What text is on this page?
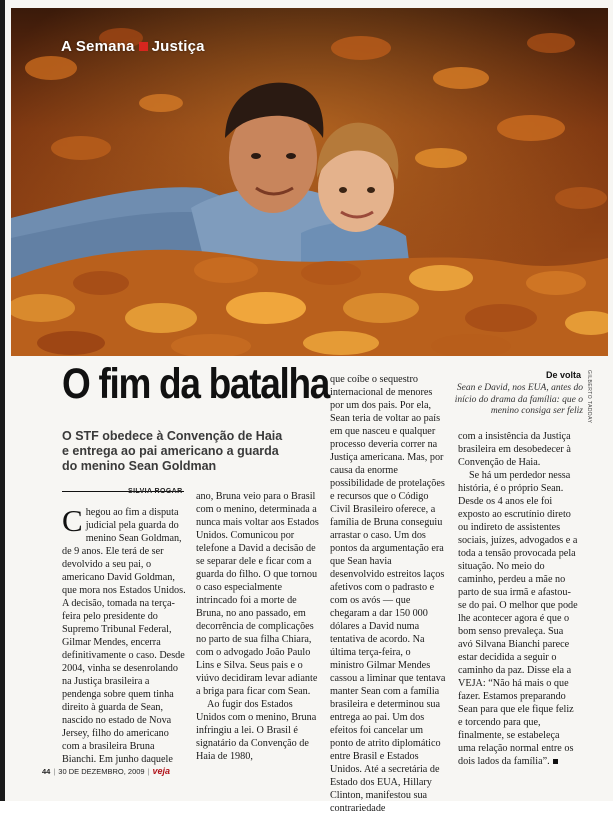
A Semana Justiça
GILBERTO TADDAY
O fim da batalha
O STF obedece à Convenção de Haia e entrega ao pai americano a guarda do menino Sean Goldman
SILVIA ROGAR

Chegou ao fim a disputa judicial pela guarda do menino Sean Goldman, de 9 anos. Ele terá de ser devolvido a seu pai, o americano David Goldman, que mora nos Estados Unidos. A decisão, tomada na terça-feira pelo presidente do Supremo Tribunal Federal, Gilmar Mendes, encerra definitivamente o caso. Desde 2004, vinha se desenrolando na Justiça brasileira a pendenga sobre quem tinha direito à guarda de Sean, nascido no estado de Nova Jersey, filho do americano com a brasileira Bruna Bianchi. Em junho daquele

ano, Bruna veio para o Brasil com o menino, determinada a nunca mais voltar aos Estados Unidos. Comunicou por telefone a David a decisão de se separar dele e ficar com a guarda do filho. O que tornou o caso especialmente intrincado foi a morte de Bruna, no ano passado, em decorrência de complicações no parto de sua filha Chiara, com o advogado João Paulo Lins e Silva. Seus pais e o viúvo decidiram levar adiante a briga para ficar com Sean.

Ao fugir dos Estados Unidos com o menino, Bruna infringiu a lei. O Brasil é signatário da Convenção de Haia de 1980,

que coíbe o sequestro internacional de menores por um dos pais. Por ela, Sean teria de voltar ao país em que nasceu e qualquer processo deveria correr na Justiça americana. Mas, por causa da enorme possibilidade de protelações e recursos que o Código Civil Brasileiro oferece, a família de Bruna conseguiu arrastar o caso. Um dos pontos da argumentação era que Sean havia desenvolvido estreitos laços afetivos com o padrasto e com os avós — que chegaram a dar 150 000 dólares a David numa tentativa de acordo. Na última terça-feira, o ministro Gilmar Mendes cassou a liminar que tentava manter Sean com a família brasileira e determinou sua entrega ao pai. Um dos efeitos foi cancelar um ponto de atrito diplomático entre Brasil e Estados Unidos. Até a secretária de Estado dos EUA, Hillary Clinton, manifestou sua contrariedade

De volta
Sean e David, nos EUA, antes do início do drama da família: que o menino consiga ser feliz

com a insistência da Justiça brasileira em desobedecer à Convenção de Haia.

Se há um perdedor nessa história, é o próprio Sean. Desde os 4 anos ele foi exposto ao escrutínio direto ou indireto de assistentes sociais, juízes, advogados e a toda a tensão provocada pela situação. No meio do caminho, perdeu a mãe no parto de sua irmã e afastou-se do pai. O melhor que pode lhe acontecer agora é que o bom senso prevaleça. Sua avó Silvana Bianchi parece estar decidida a seguir o caminho da paz. Disse ela a VEJA: “Não há mais o que fazer. Estamos preparando Sean para que ele fique feliz e torcendo para que, finalmente, se estabeleça uma relação normal entre os dois lados da família”.

44 | 30 DE DEZEMBRO, 2009 | veja
